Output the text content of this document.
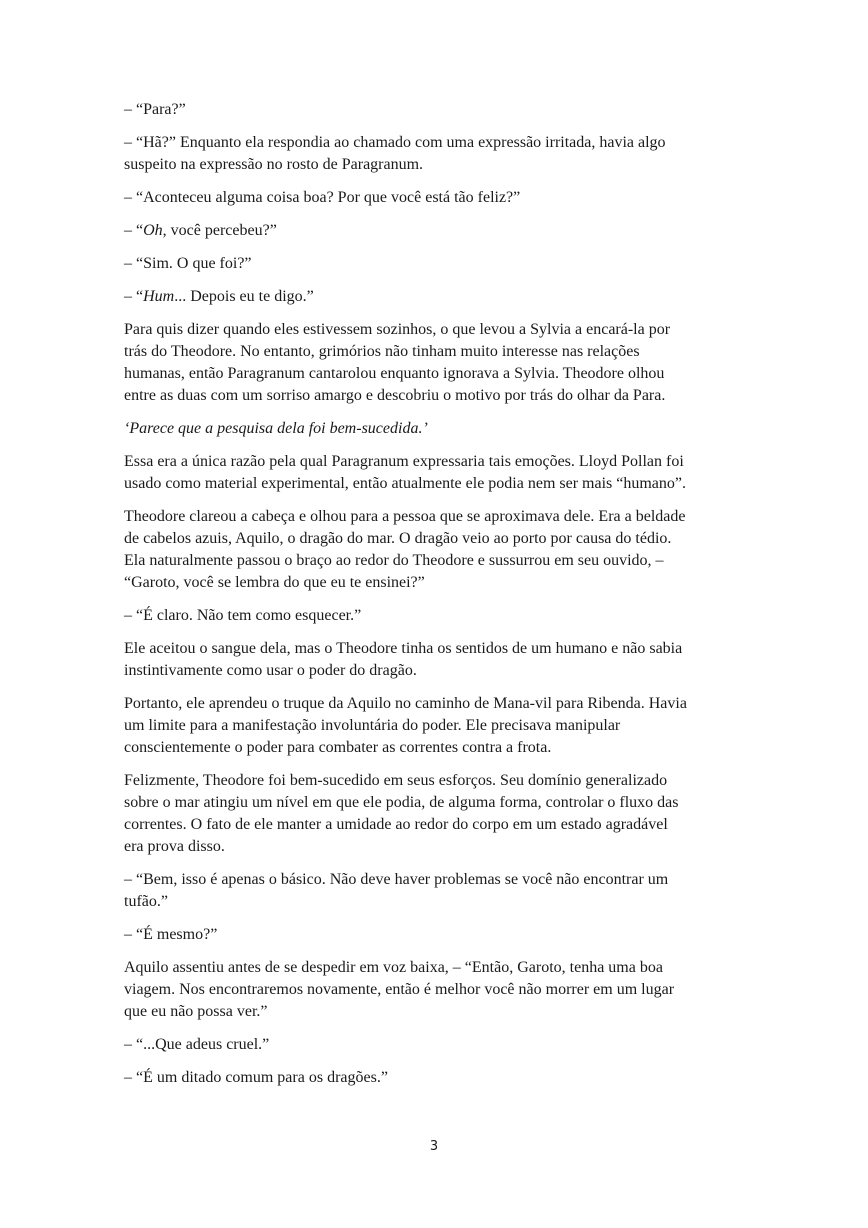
– “Para?”

– “Hã?” Enquanto ela respondia ao chamado com uma expressão irritada, havia algo
suspeito na expressão no rosto de Paragranum.

– “Aconteceu alguma coisa boa? Por que você está tão feliz?”

– “Oh, você percebeu?”

– “Sim. O que foi?”

– “Hum... Depois eu te digo.”

Para quis dizer quando eles estivessem sozinhos, o que levou a Sylvia a encará-la por
trás do Theodore. No entanto, grimórios não tinham muito interesse nas relações
humanas, então Paragranum cantarolou enquanto ignorava a Sylvia. Theodore olhou
entre as duas com um sorriso amargo e descobriu o motivo por trás do olhar da Para.

‘Parece que a pesquisa dela foi bem-sucedida.’

Essa era a única razão pela qual Paragranum expressaria tais emoções. Lloyd Pollan foi
usado como material experimental, então atualmente ele podia nem ser mais “humano”.

Theodore clareou a cabeça e olhou para a pessoa que se aproximava dele. Era a beldade
de cabelos azuis, Aquilo, o dragão do mar. O dragão veio ao porto por causa do tédio.
Ela naturalmente passou o braço ao redor do Theodore e sussurrou em seu ouvido, –
“Garoto, você se lembra do que eu te ensinei?”

– “É claro. Não tem como esquecer.”

Ele aceitou o sangue dela, mas o Theodore tinha os sentidos de um humano e não sabia
instintivamente como usar o poder do dragão.

Portanto, ele aprendeu o truque da Aquilo no caminho de Mana-vil para Ribenda. Havia
um limite para a manifestação involuntária do poder. Ele precisava manipular
conscientemente o poder para combater as correntes contra a frota.

Felizmente, Theodore foi bem-sucedido em seus esforços. Seu domínio generalizado
sobre o mar atingiu um nível em que ele podia, de alguma forma, controlar o fluxo das
correntes. O fato de ele manter a umidade ao redor do corpo em um estado agradável
era prova disso.

– “Bem, isso é apenas o básico. Não deve haver problemas se você não encontrar um
tufão.”

– “É mesmo?”

Aquilo assentiu antes de se despedir em voz baixa, – “Então, Garoto, tenha uma boa
viagem. Nos encontraremos novamente, então é melhor você não morrer em um lugar
que eu não possa ver.”

– “...Que adeus cruel.”

– “É um ditado comum para os dragões.”

3
